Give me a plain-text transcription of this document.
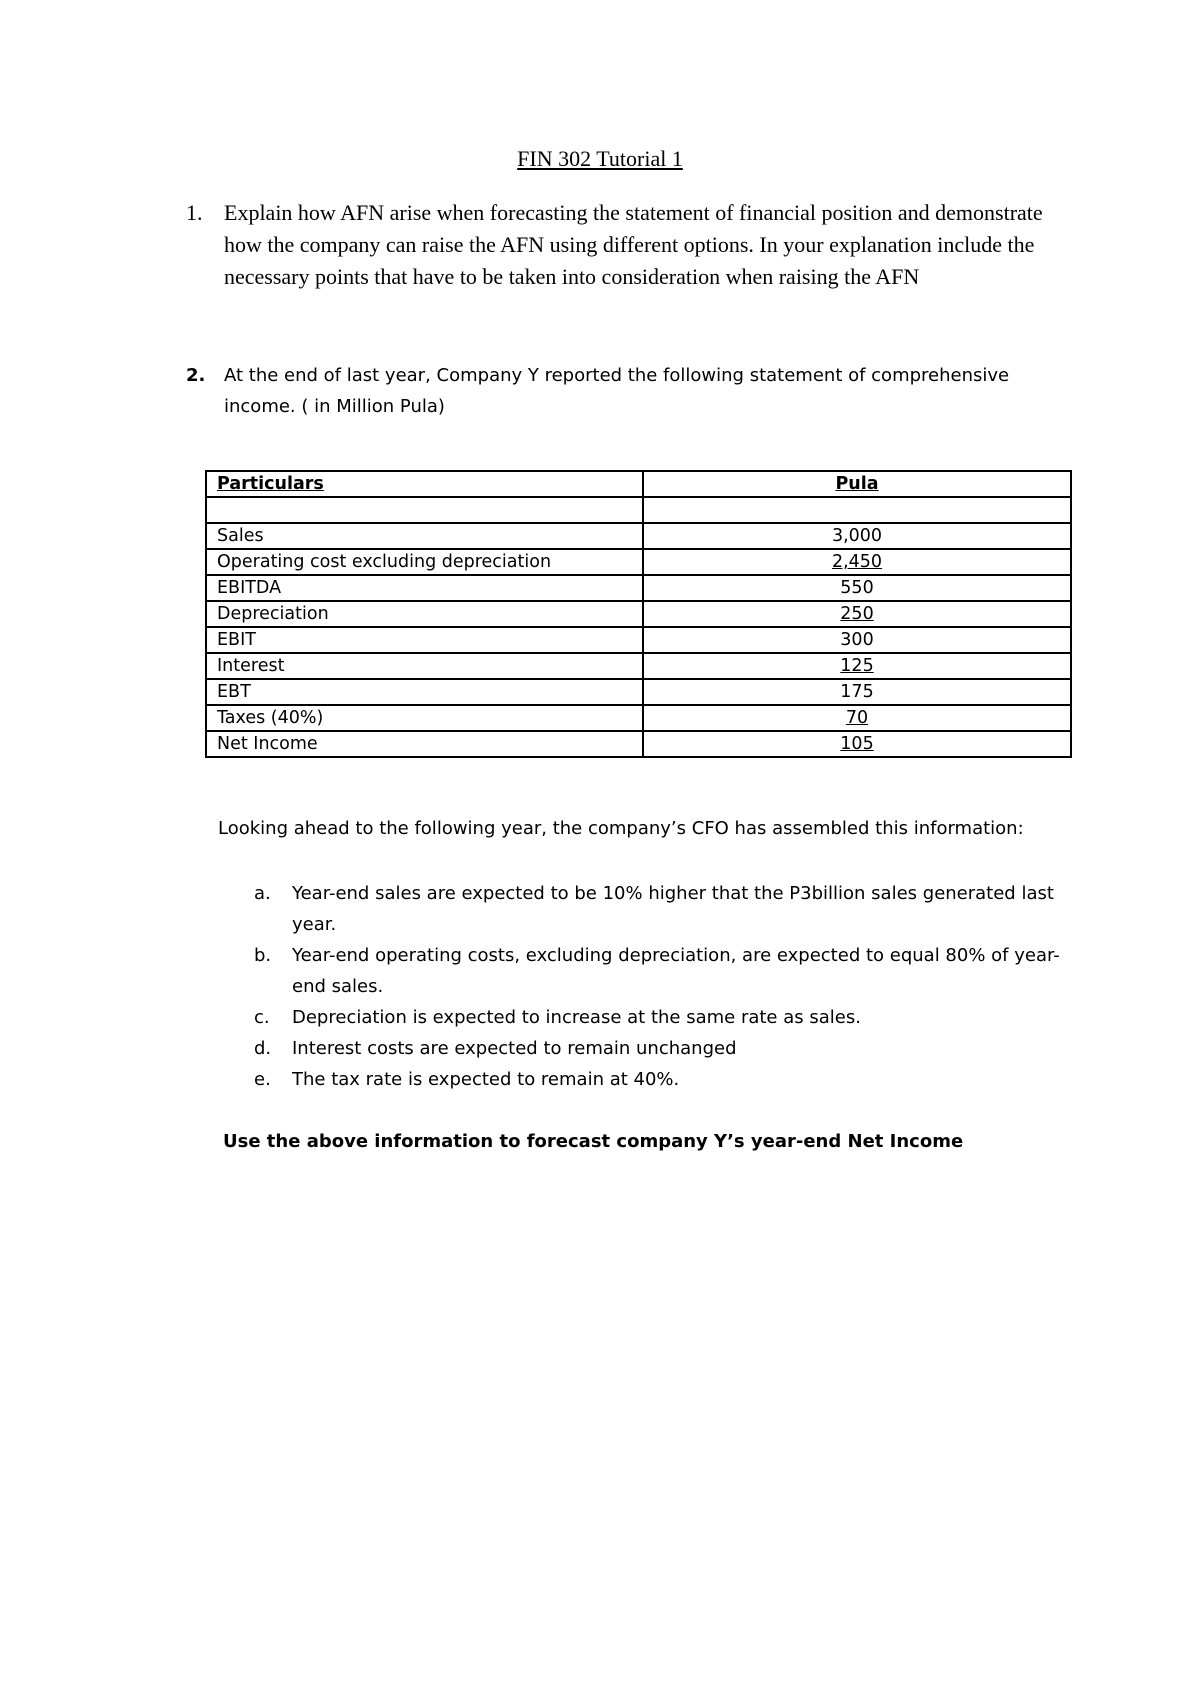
FIN 302 Tutorial 1
1. Explain how AFN arise when forecasting the statement of financial position and demonstrate how the company can raise the AFN using different options. In your explanation include the necessary points that have to be taken into consideration when raising the AFN
2. At the end of last year, Company Y reported the following statement of comprehensive income. ( in Million Pula)
Particulars	Pula

Sales	3,000
Operating cost excluding depreciation	2,450
EBITDA	550
Depreciation	250
EBIT	300
Interest	125
EBT	175
Taxes (40%)	70
Net Income	105
Looking ahead to the following year, the company’s CFO has assembled this information:
a. Year-end sales are expected to be 10% higher that the P3billion sales generated last year.
b. Year-end operating costs, excluding depreciation, are expected to equal 80% of year-end sales.
c. Depreciation is expected to increase at the same rate as sales.
d. Interest costs are expected to remain unchanged
e. The tax rate is expected to remain at 40%.
Use the above information to forecast company Y’s year-end Net Income
